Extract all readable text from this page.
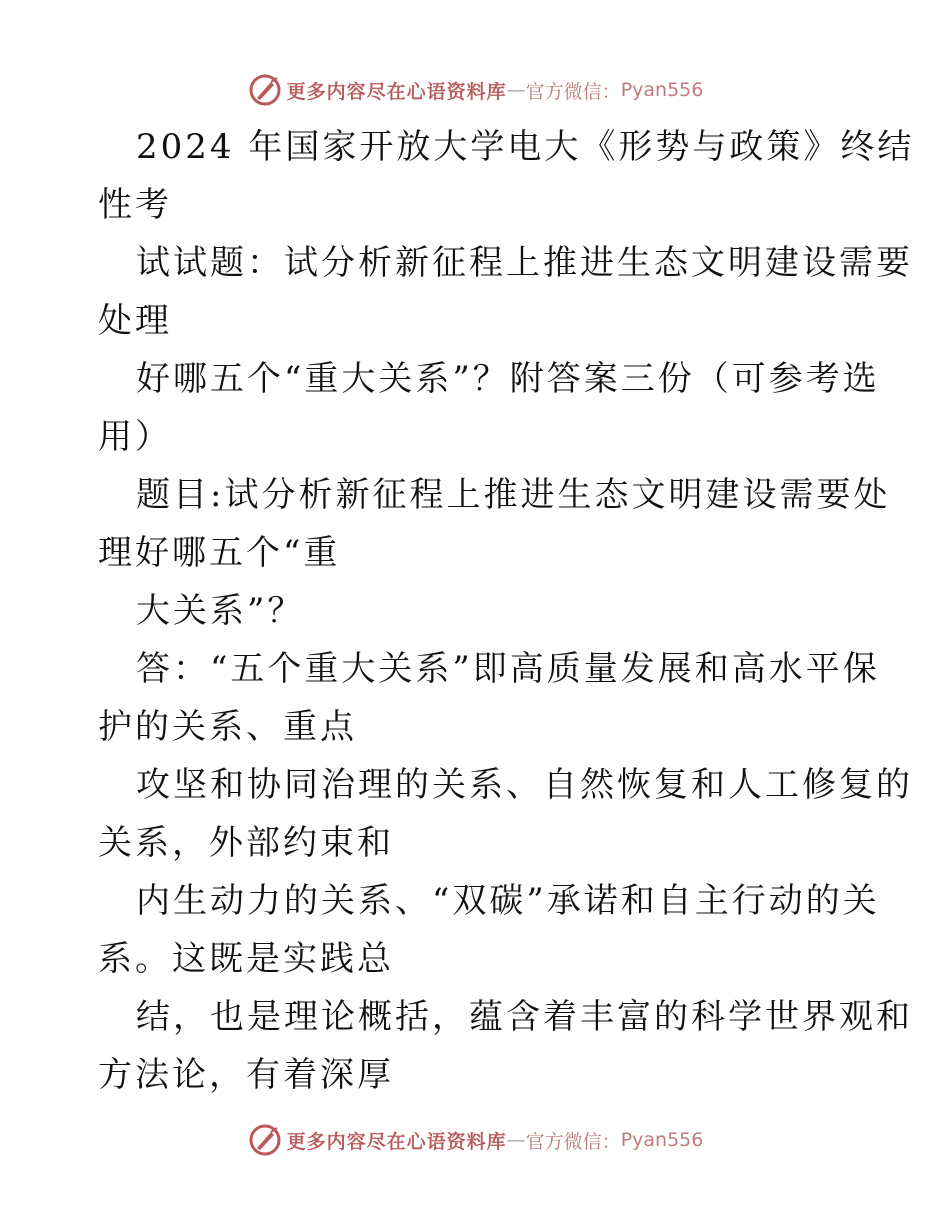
更多内容尽在心语资料库 — 官方微信： Pyan556
2024 年国家开放大学电大《形势与政策》终结
性考
试试题：试分析新征程上推进生态文明建设需要
处理
好哪五个“重大关系”？附答案三份（可参考选
用）
题目:试分析新征程上推进生态文明建设需要处
理好哪五个“重
大关系”？
答：“五个重大关系”即高质量发展和高水平保
护的关系、重点
攻坚和协同治理的关系、自然恢复和人工修复的
关系，外部约束和
内生动力的关系、“双碳”承诺和自主行动的关
系。这既是实践总
结，也是理论概括，蕴含着丰富的科学世界观和
方法论，有着深厚
更多内容尽在心语资料库 — 官方微信： Pyan556
